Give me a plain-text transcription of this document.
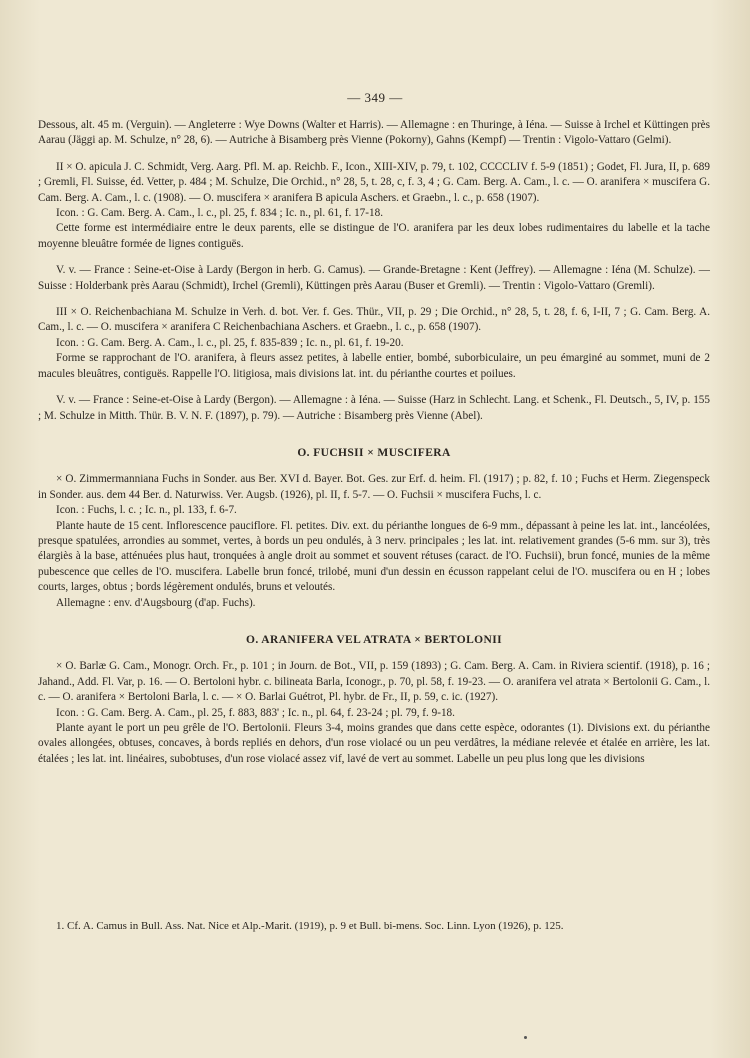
— 349 —

Dessous, alt. 45 m. (Verguin). — Angleterre : Wye Downs (Walter et Harris). — Allemagne : en Thuringe, à Iéna. — Suisse à Irchel et Küttingen près Aarau (Jäggi ap. M. Schulze, n° 28, 6). — Autriche à Bisamberg près Vienne (Pokorny), Gahns (Kempf) — Trentin : Vigolo-Vattaro (Gelmi).

II × O. apicula J. C. Schmidt, Verg. Aarg. Pfl. M. ap. Reichb. F., Icon., XIII-XIV, p. 79, t. 102, CCCCLIV f. 5-9 (1851) ; Godet, Fl. Jura, II, p. 689 ; Gremli, Fl. Suisse, éd. Vetter, p. 484 ; M. Schulze, Die Orchid., n° 28, 5, t. 28, c, f. 3, 4 ; G. Cam. Berg. A. Cam., l. c. — O. aranifera × muscifera G. Cam. Berg. A. Cam., l. c. (1908). — O. muscifera × aranifera B apicula Aschers. et Graebn., l. c., p. 658 (1907).

Icon. : G. Cam. Berg. A. Cam., l. c., pl. 25, f. 834 ; Ic. n., pl. 61, f. 17-18.

Cette forme est intermédiaire entre le deux parents, elle se distingue de l'O. aranifera par les deux lobes rudimentaires du labelle et la tache moyenne bleuâtre formée de lignes contiguës.

V. v. — France : Seine-et-Oise à Lardy (Bergon in herb. G. Camus). — Grande-Bretagne : Kent (Jeffrey). — Allemagne : Iéna (M. Schulze). — Suisse : Holderbank près Aarau (Schmidt), Irchel (Gremli), Küttingen près Aarau (Buser et Gremli). — Trentin : Vigolo-Vattaro (Gremli).

III × O. Reichenbachiana M. Schulze in Verh. d. bot. Ver. f. Ges. Thür., VII, p. 29 ; Die Orchid., n° 28, 5, t. 28, f. 6, I-II, 7 ; G. Cam. Berg. A. Cam., l. c. — O. muscifera × aranifera C Reichenbachiana Aschers. et Graebn., l. c., p. 658 (1907).

Icon. : G. Cam. Berg. A. Cam., l. c., pl. 25, f. 835-839 ; Ic. n., pl. 61, f. 19-20.

Forme se rapprochant de l'O. aranifera, à fleurs assez petites, à labelle entier, bombé, suborbiculaire, un peu émarginé au sommet, muni de 2 macules bleuâtres, contiguës. Rappelle l'O. litigiosa, mais divisions lat. int. du périanthe courtes et poilues.

V. v. — France : Seine-et-Oise à Lardy (Bergon). — Allemagne : à Iéna. — Suisse (Harz in Schlecht. Lang. et Schenk., Fl. Deutsch., 5, IV, p. 155 ; M. Schulze in Mitth. Thür. B. V. N. F. (1897), p. 79). — Autriche : Bisamberg près Vienne (Abel).

O. FUCHSII × MUSCIFERA

× O. Zimmermanniana Fuchs in Sonder. aus Ber. XVI d. Bayer. Bot. Ges. zur Erf. d. heim. Fl. (1917) ; p. 82, f. 10 ; Fuchs et Herm. Ziegenspeck in Sonder. aus. dem 44 Ber. d. Naturwiss. Ver. Augsb. (1926), pl. II, f. 5-7. — O. Fuchsii × muscifera Fuchs, l. c.

Icon. : Fuchs, l. c. ; Ic. n., pl. 133, f. 6-7.

Plante haute de 15 cent. Inflorescence pauciflore. Fl. petites. Div. ext. du périanthe longues de 6-9 mm., dépassant à peine les lat. int., lancéolées, presque spatulées, arrondies au sommet, vertes, à bords un peu ondulés, à 3 nerv. principales ; les lat. int. relativement grandes (5-6 mm. sur 3), très élargiès à la base, atténuées plus haut, tronquées à angle droit au sommet et souvent rétuses (caract. de l'O. Fuchsii), brun foncé, munies de la même pubescence que celles de l'O. muscifera. Labelle brun foncé, trilobé, muni d'un dessin en écusson rappelant celui de l'O. muscifera ou en H ; lobes courts, larges, obtus ; bords légèrement ondulés, bruns et veloutés.

Allemagne : env. d'Augsbourg (d'ap. Fuchs).

O. ARANIFERA VEL ATRATA × BERTOLONII

× O. Barlæ G. Cam., Monogr. Orch. Fr., p. 101 ; in Journ. de Bot., VII, p. 159 (1893) ; G. Cam. Berg. A. Cam. in Riviera scientif. (1918), p. 16 ; Jahand., Add. Fl. Var, p. 16. — O. Bertoloni hybr. c. bilineata Barla, Iconogr., p. 70, pl. 58, f. 19-23. — O. aranifera vel atrata × Bertolonii G. Cam., l. c. — O. aranifera × Bertoloni Barla, l. c. — × O. Barlai Guétrot, Pl. hybr. de Fr., II, p. 59, c. ic. (1927).

Icon. : G. Cam. Berg. A. Cam., pl. 25, f. 883, 883' ; Ic. n., pl. 64, f. 23-24 ; pl. 79, f. 9-18.

Plante ayant le port un peu grêle de l'O. Bertolonii. Fleurs 3-4, moins grandes que dans cette espèce, odorantes (1). Divisions ext. du périanthe ovales allongées, obtuses, concaves, à bords repliés en dehors, d'un rose violacé ou un peu verdâtres, la médiane relevée et étalée en arrière, les lat. étalées ; les lat. int. linéaires, subobtuses, d'un rose violacé assez vif, lavé de vert au sommet. Labelle un peu plus long que les divisions

1. Cf. A. Camus in Bull. Ass. Nat. Nice et Alp.-Marit. (1919), p. 9 et Bull. bi-mens. Soc. Linn. Lyon (1926), p. 125.
